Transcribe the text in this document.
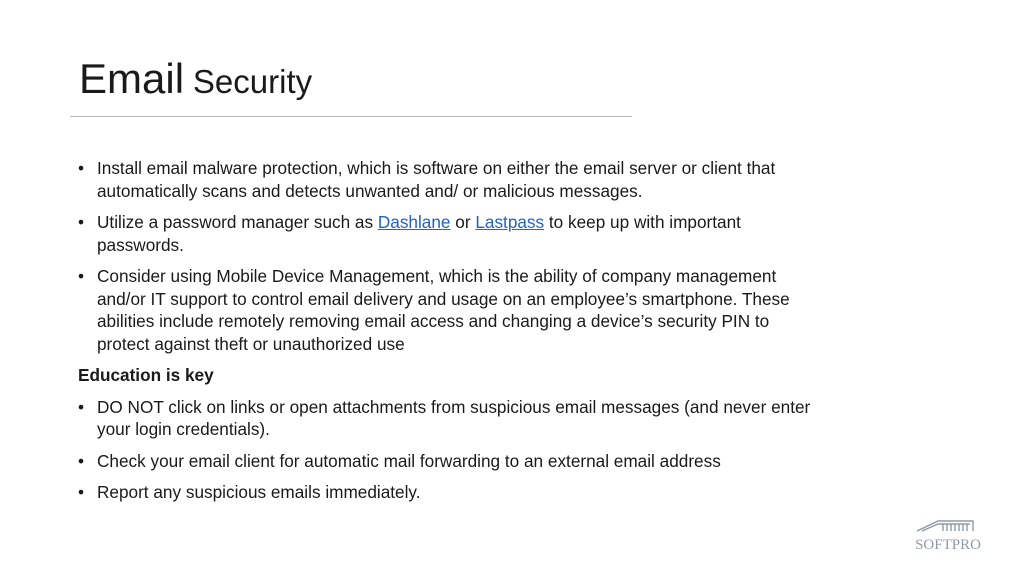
Email Security
• Install email malware protection, which is software on either the email server or client that automatically scans and detects unwanted and/ or malicious messages.
• Utilize a password manager such as Dashlane or Lastpass to keep up with important passwords.
• Consider using Mobile Device Management, which is the ability of company management and/or IT support to control email delivery and usage on an employee’s smartphone. These abilities include remotely removing email access and changing a device’s security PIN to protect against theft or unauthorized use
Education is key
• DO NOT click on links or open attachments from suspicious email messages (and never enter your login credentials).
• Check your email client for automatic mail forwarding to an external email address
• Report any suspicious emails immediately.
SOFTPRO
